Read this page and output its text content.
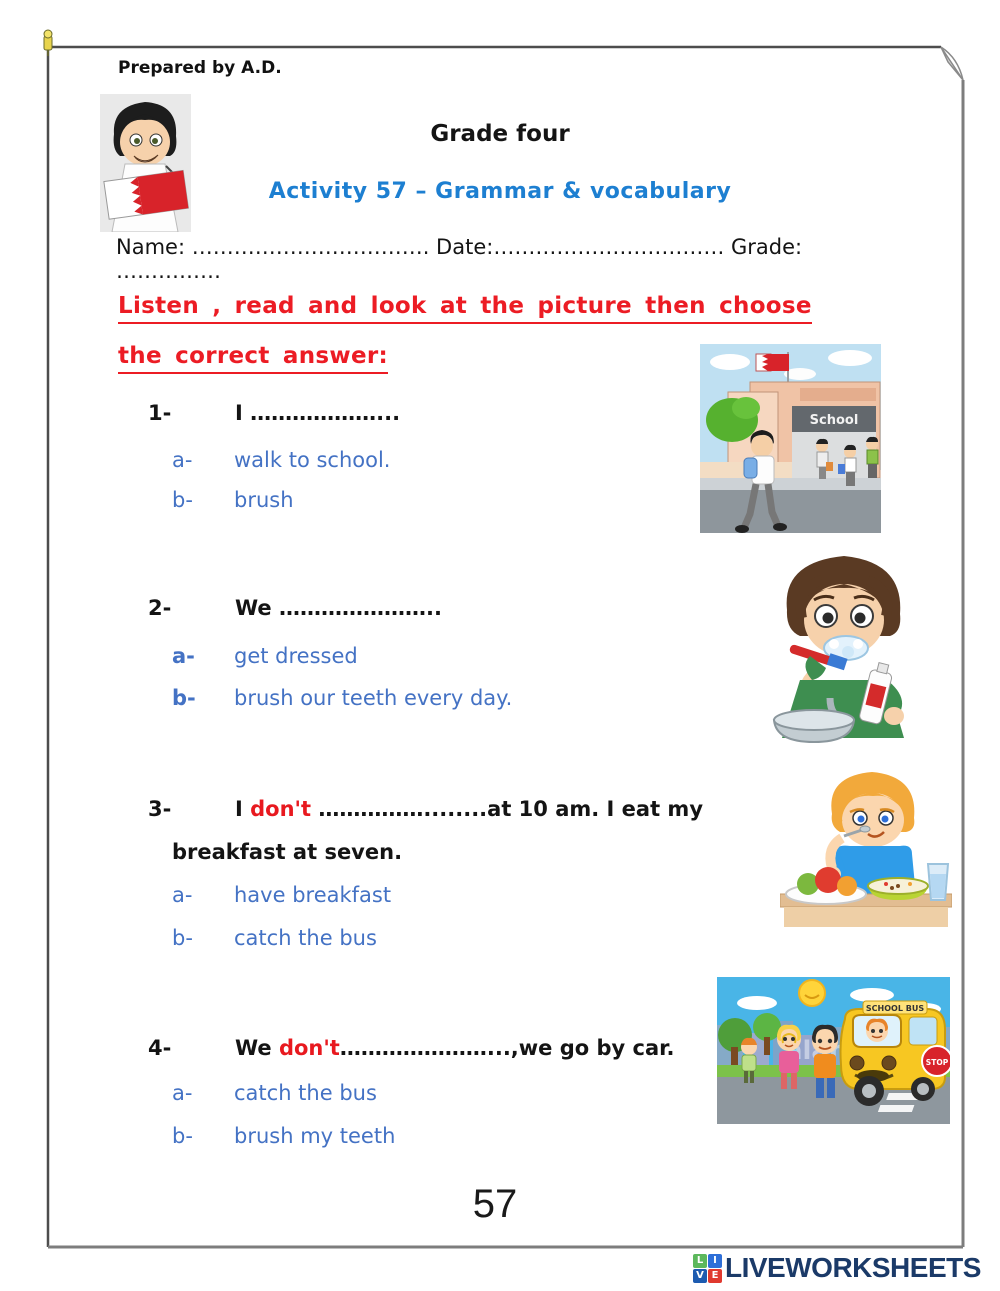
Prepared by A.D.
Grade four
Activity 57 – Grammar & vocabulary
Name: ……………………………. Date:…………………………… Grade: ……………
Listen , read and look at the picture then choose
the correct answer:
School
1-	I ………………...
a- walk to school.
b- brush
2-	We …………………..
a- get dressed
b- brush our teeth every day.
3-	I don't ……………........at 10 am. I eat my
breakfast at seven.
a- have breakfast
b- catch the bus
SCHOOL BUS
STOP
4-	We don't…………………...,we go by car.
a- catch the bus
b- brush my teeth
57
L I
V E LIVEWORKSHEETS
